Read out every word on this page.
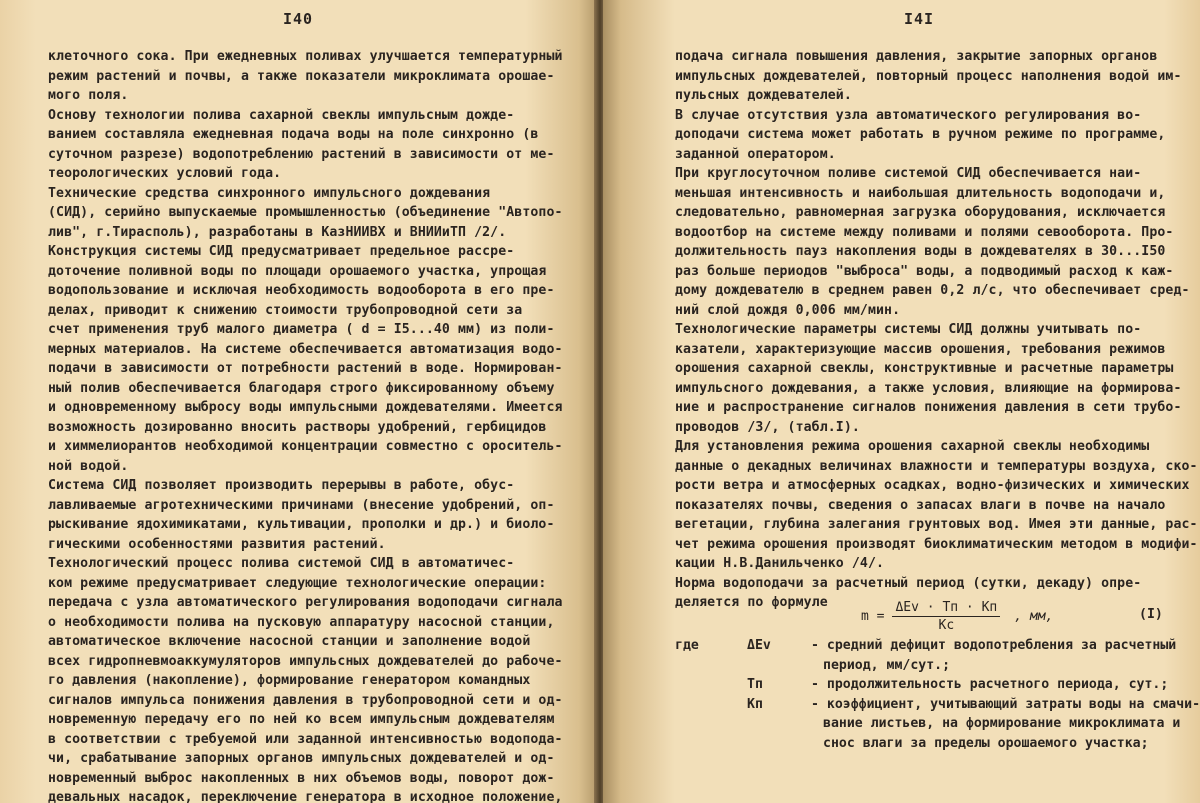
I40
клеточного сока. При ежедневных поливах улучшается температурный
режим растений и почвы, а также показатели микроклимата орошае-
мого поля.
Основу технологии полива сахарной свеклы импульсным дожде-
ванием составляла ежедневная подача воды на поле синхронно (в
суточном разрезе) водопотреблению растений в зависимости от ме-
теорологических условий года.
Технические средства синхронного импульсного дождевания
(СИД), серийно выпускаемые промышленностью (объединение "Автопо-
лив", г.Тирасполь), разработаны в КазНИИВХ и ВНИИиТП /2/.
Конструкция системы СИД предусматривает предельное рассре-
доточение поливной воды по площади орошаемого участка, упрощая
водопользование и исключая необходимость водооборота в его пре-
делах, приводит к снижению стоимости трубопроводной сети за
счет применения труб малого диаметра ( d = I5...40 мм) из поли-
мерных материалов. На системе обеспечивается автоматизация водо-
подачи в зависимости от потребности растений в воде. Нормирован-
ный полив обеспечивается благодаря строго фиксированному объему
и одновременному выбросу воды импульсными дождевателями. Имеется
возможность дозированно вносить растворы удобрений, гербицидов
и химмелиорантов необходимой концентрации совместно с ороситель-
ной водой.
Система СИД позволяет производить перерывы в работе, обус-
лавливаемые агротехническими причинами (внесение удобрений, оп-
рыскивание ядохимикатами, культивации, прополки и др.) и биоло-
гическими особенностями развития растений.
Технологический процесс полива системой СИД в автоматичес-
ком режиме предусматривает следующие технологические операции:
передача с узла автоматического регулирования водоподачи сигнала
о необходимости полива на пусковую аппаратуру насосной станции,
автоматическое включение насосной станции и заполнение водой
всех гидропневмоаккумуляторов импульсных дождевателей до рабоче-
го давления (накопление), формирование генератором командных
сигналов импульса понижения давления в трубопроводной сети и од-
новременную передачу его по ней ко всем импульсным дождевателям
в соответствии с требуемой или заданной интенсивностью водопода-
чи, срабатывание запорных органов импульсных дождевателей и од-
новременный выброс накопленных в них объемов воды, поворот дож-
девальных насадок, переключение генератора в исходное положение,
I4I
подача сигнала повышения давления, закрытие запорных органов
импульсных дождевателей, повторный процесс наполнения водой им-
пульсных дождевателей.
В случае отсутствия узла автоматического регулирования во-
доподачи система может работать в ручном режиме по программе,
заданной оператором.
При круглосуточном поливе системой СИД обеспечивается наи-
меньшая интенсивность и наибольшая длительность водоподачи и,
следовательно, равномерная загрузка оборудования, исключается
водоотбор на системе между поливами и полями севооборота. Про-
должительность пауз накопления воды в дождевателях в 30...I50
раз больше периодов "выброса" воды, а подводимый расход к каж-
дому дождевателю в среднем равен 0,2 л/с, что обеспечивает сред-
ний слой дождя 0,006 мм/мин.
Технологические параметры системы СИД должны учитывать по-
казатели, характеризующие массив орошения, требования режимов
орошения сахарной свеклы, конструктивные и расчетные параметры
импульсного дождевания, а также условия, влияющие на формирова-
ние и распространение сигналов понижения давления в сети трубо-
проводов /3/, (табл.I).
Для установления режима орошения сахарной свеклы необходимы
данные о декадных величинах влажности и температуры воздуха, ско-
рости ветра и атмосферных осадках, водно-физических и химических
показателях почвы, сведения о запасах влаги в почве на начало
вегетации, глубина залегания грунтовых вод. Имея эти данные, рас-
чет режима орошения производят биоклиматическим методом в модифи-
кации Н.В.Данильченко /4/.
Норма водоподачи за расчетный период (сутки, декаду) опре-
деляется по формуле
$m = \frac{\text{ΔEv · Tп · Kп}}{Kс}$ , мм,	(I)
где	ΔEv	- средний дефицит водопотребления за расчетный
период, мм/сут.;
Tп	- продолжительность расчетного периода, сут.;
Kп	- коэффициент, учитывающий затраты воды на смачи-
вание листьев, на формирование микроклимата и
снос влаги за пределы орошаемого участка;
